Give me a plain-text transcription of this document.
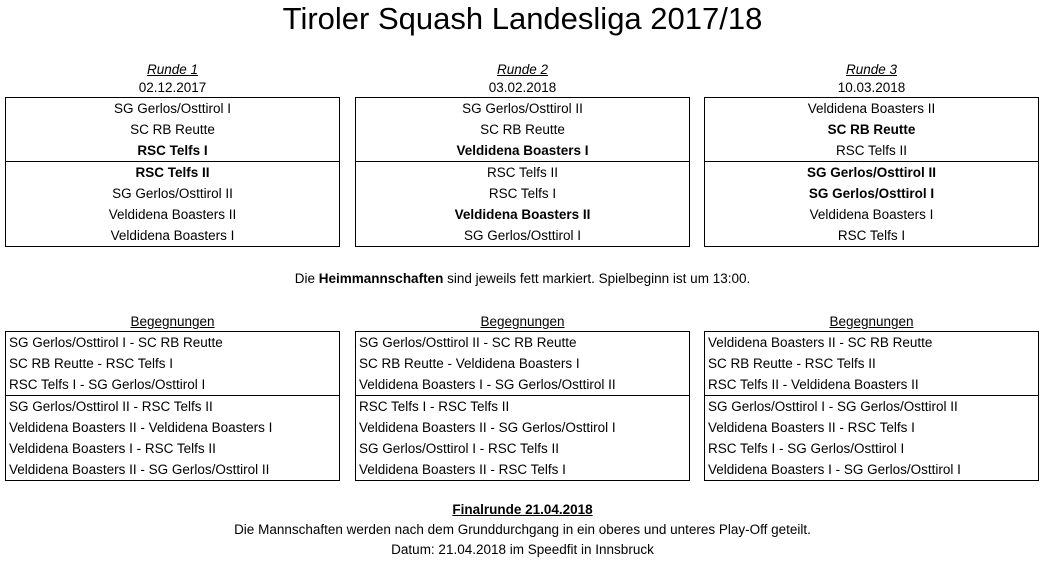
Tiroler Squash Landesliga 2017/18
Runde 1
02.12.2017
SG Gerlos/Osttirol I
SC RB Reutte
RSC Telfs I
RSC Telfs II
SG Gerlos/Osttirol II
Veldidena Boasters II
Veldidena Boasters I
Runde 2
03.02.2018
SG Gerlos/Osttirol II
SC RB Reutte
Veldidena Boasters I
RSC Telfs II
RSC Telfs I
Veldidena Boasters II
SG Gerlos/Osttirol I
Runde 3
10.03.2018
Veldidena Boasters II
SC RB Reutte
RSC Telfs II
SG Gerlos/Osttirol II
SG Gerlos/Osttirol I
Veldidena Boasters I
RSC Telfs I
Die Heimmannschaften sind jeweils fett markiert. Spielbeginn ist um 13:00.
Begegnungen
SG Gerlos/Osttirol I - SC RB Reutte
SC RB Reutte - RSC Telfs I
RSC Telfs I - SG Gerlos/Osttirol I
SG Gerlos/Osttirol II - RSC Telfs II
Veldidena Boasters II - Veldidena Boasters I
Veldidena Boasters I - RSC Telfs II
Veldidena Boasters II - SG Gerlos/Osttirol II
Begegnungen
SG Gerlos/Osttirol II - SC RB Reutte
SC RB Reutte - Veldidena Boasters I
Veldidena Boasters I - SG Gerlos/Osttirol II
RSC Telfs I - RSC Telfs II
Veldidena Boasters II - SG Gerlos/Osttirol I
SG Gerlos/Osttirol I - RSC Telfs II
Veldidena Boasters II - RSC Telfs I
Begegnungen
Veldidena Boasters II - SC RB Reutte
SC RB Reutte - RSC Telfs II
RSC Telfs II - Veldidena Boasters II
SG Gerlos/Osttirol I - SG Gerlos/Osttirol II
Veldidena Boasters II - RSC Telfs I
RSC Telfs I - SG Gerlos/Osttirol I
Veldidena Boasters I - SG Gerlos/Osttirol I
Finalrunde 21.04.2018
Die Mannschaften werden nach dem Grunddurchgang in ein oberes und unteres Play-Off geteilt.
Datum: 21.04.2018 im Speedfit in Innsbruck
